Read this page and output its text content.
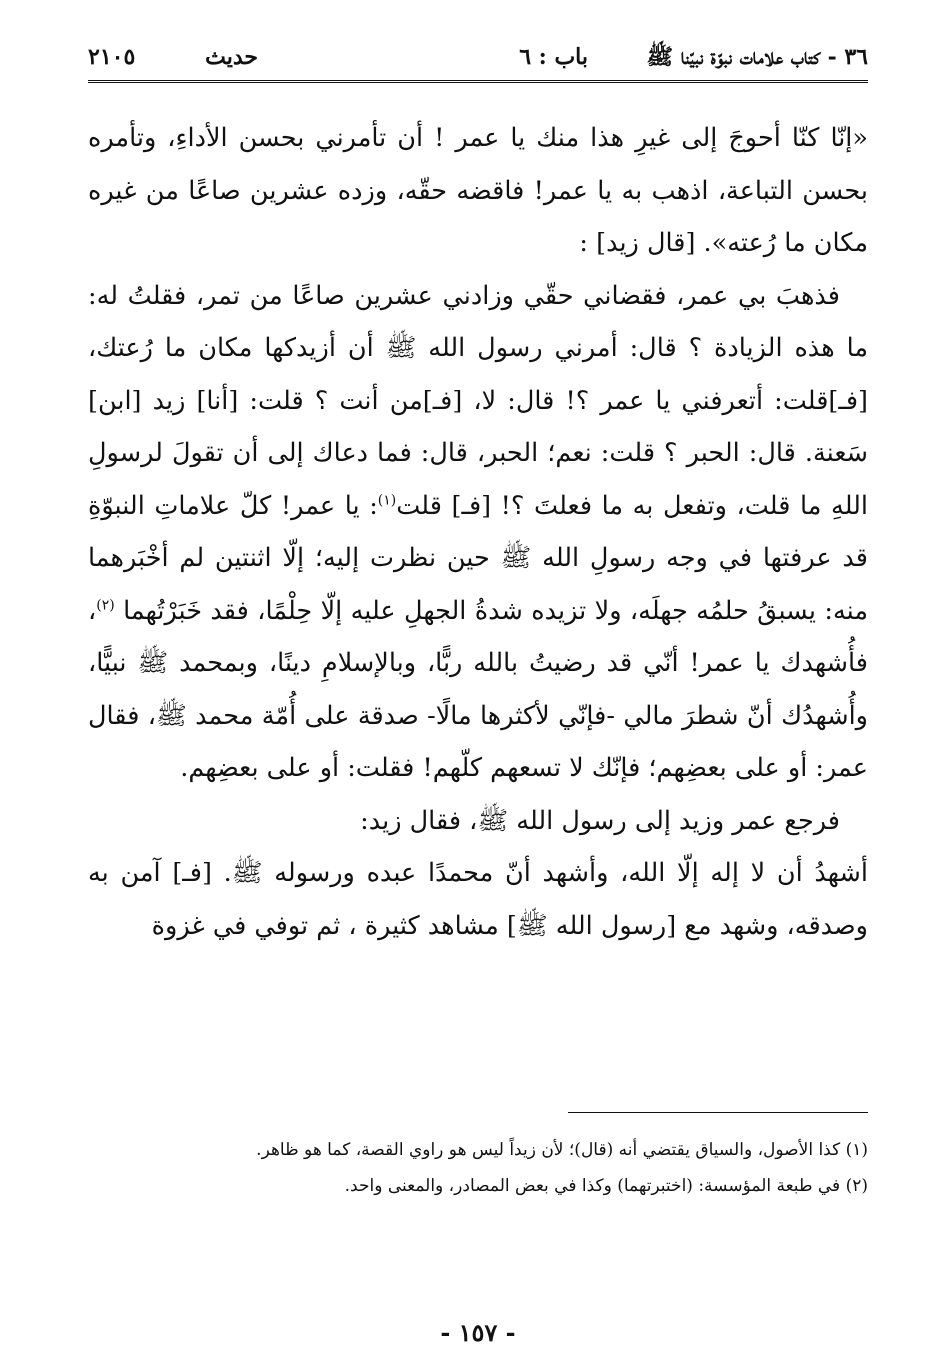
٣٦ - كتاب علامات نبوّة نبيّنا ﷺ
باب : ٦
حديث
٢١٠٥

«إنّا كنّا أحوجَ إلى غيرِ هذا منك يا عمر ! أن تأمرني بحسن الأداءِ، وتأمره بحسن التباعة، اذهب به يا عمر! فاقضه حقّه، وزده عشرين صاعًا من غيره مكان ما رُعته». [قال زيد] :

فذهبَ بي عمر، فقضاني حقّي وزادني عشرين صاعًا من تمر، فقلتُ له: ما هذه الزيادة ؟ قال: أمرني رسول الله ﷺ أن أزيدكها مكان ما رُعتك، [فـ]قلت: أتعرفني يا عمر ؟! قال: لا، [فـ]من أنت ؟ قلت: [أنا] زيد [ابن] سَعنة. قال: الحبر ؟ قلت: نعم؛ الحبر، قال: فما دعاك إلى أن تقولَ لرسولِ اللهِ ما قلت، وتفعل به ما فعلتَ ؟! [فـ] قلت$^{(١)}$: يا عمر! كلّ علاماتِ النبوّةِ قد عرفتها في وجه رسولِ الله ﷺ حين نظرت إليه؛ إلّا اثنتين لم أخْبَرهما منه: يسبقُ حلمُه جهلَه، ولا تزيده شدةُ الجهلِ عليه إلّا حِلْمًا، فقد خَبَرْتُهما $^{(٢)}$، فأُشهدك يا عمر! أنّي قد رضيتُ بالله ربًّا، وبالإسلامِ دينًا، وبمحمد ﷺ نبيًّا، وأُشهدُك أنّ شطرَ مالي -فإنّي لأكثرها مالًا- صدقة على أُمّة محمد ﷺ، فقال عمر: أو على بعضِهم؛ فإنّك لا تسعهم كلّهم! فقلت: أو على بعضِهم.

فرجع عمر وزيد إلى رسول الله ﷺ، فقال زيد:

أشهدُ أن لا إله إلّا الله، وأشهد أنّ محمدًا عبده ورسوله ﷺ. [فـ] آمن به وصدقه، وشهد مع [رسول الله ﷺ] مشاهد كثيرة ، ثم توفي في غزوة

(١) كذا الأصول، والسياق يقتضي أنه (قال)؛ لأن زيداً ليس هو راوي القصة، كما هو ظاهر.

(٢) في طبعة المؤسسة: (اختبرتهما) وكذا في بعض المصادر، والمعنى واحد.

- ١٥٧ -
